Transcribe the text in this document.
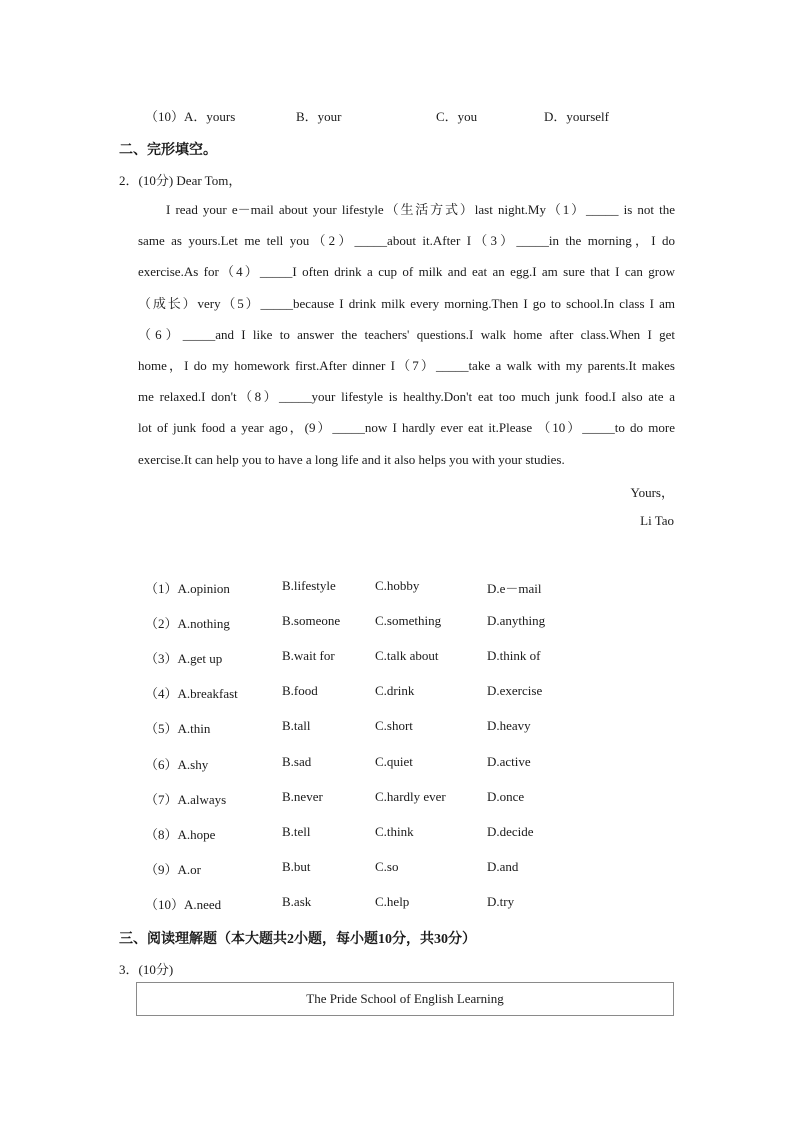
（10）A．yours	B．your	C．you	D．yourself
二、完形填空。
2．(10分) Dear Tom，
I read your e－mail about your lifestyle（生活方式）last night.My（1）_____ is not the
same as yours.Let me tell you（2）_____about it.After I（3）_____in the morning，I do
exercise.As for（4）_____I often drink a cup of milk and eat an egg.I am sure that I can grow
（成长）very（5）_____because I drink milk every morning.Then I go to school.In class I am
（6）_____and I like to answer the teachers' questions.I walk home after class.When I get
home，I do my homework first.After dinner I（7）_____take a walk with my parents.It makes
me relaxed.I don't（8）_____your lifestyle is healthy.Don't eat too much junk food.I also ate a
lot of junk food a year ago，(9）_____now I hardly ever eat it.Please （10）_____to do more
exercise.It can help you to have a long life and it also helps you with your studies.
Yours，
Li Tao
（1）A.opinion	B.lifestyle	C.hobby	D.e－mail
（2）A.nothing	B.someone	C.something	D.anything
（3）A.get up	B.wait for	C.talk about	D.think of
（4）A.breakfast	B.food	C.drink	D.exercise
（5）A.thin	B.tall	C.short	D.heavy
（6）A.shy	B.sad	C.quiet	D.active
（7）A.always	B.never	C.hardly ever	D.once
（8）A.hope	B.tell	C.think	D.decide
（9）A.or	B.but	C.so	D.and
（10）A.need	B.ask	C.help	D.try
三、阅读理解题（本大题共2小题，每小题10分，共30分）
3．(10分)
The Pride School of English Learning
